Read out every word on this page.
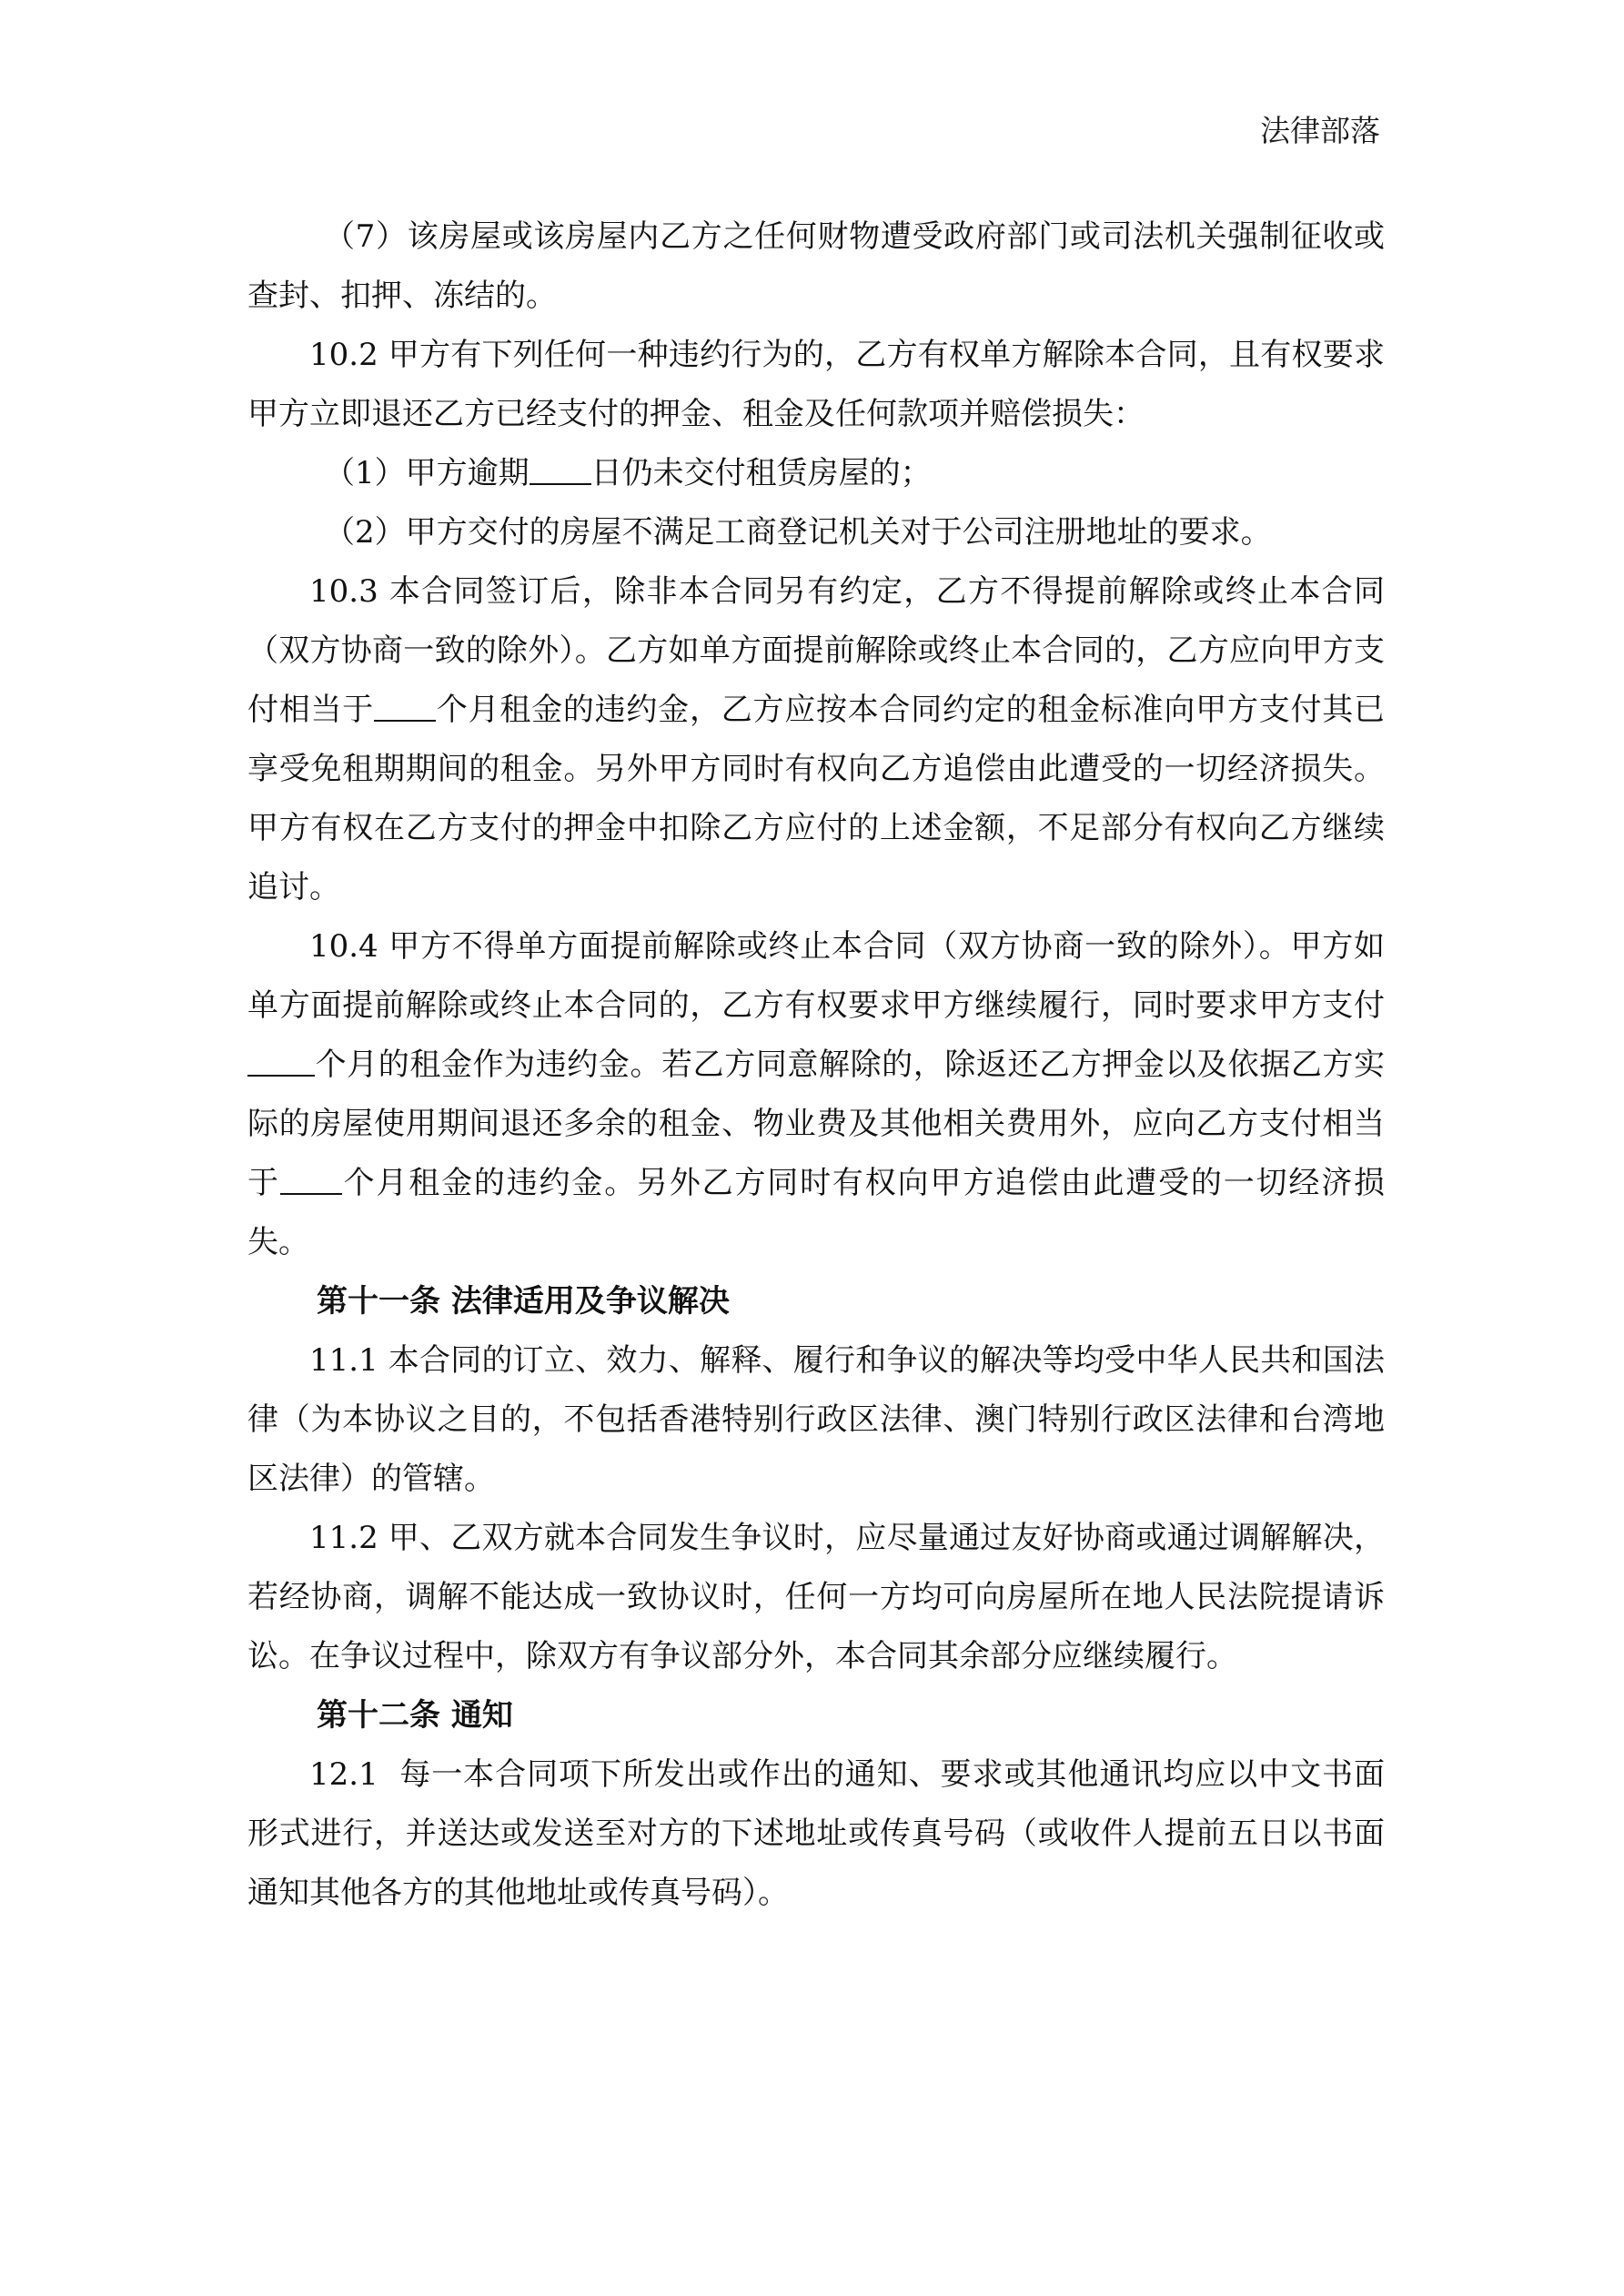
法律部落

（7）该房屋或该房屋内乙方之任何财物遭受政府部门或司法机关强制征收或查封、扣押、冻结的。

10.2 甲方有下列任何一种违约行为的，乙方有权单方解除本合同，且有权要求甲方立即退还乙方已经支付的押金、租金及任何款项并赔偿损失：

（1）甲方逾期 日仍未交付租赁房屋的；

（2）甲方交付的房屋不满足工商登记机关对于公司注册地址的要求。

10.3 本合同签订后，除非本合同另有约定，乙方不得提前解除或终止本合同（双方协商一致的除外）。乙方如单方面提前解除或终止本合同的，乙方应向甲方支付相当于 个月租金的违约金，乙方应按本合同约定的租金标准向甲方支付其已享受免租期期间的租金。另外甲方同时有权向乙方追偿由此遭受的一切经济损失。甲方有权在乙方支付的押金中扣除乙方应付的上述金额，不足部分有权向乙方继续追讨。

10.4 甲方不得单方面提前解除或终止本合同（双方协商一致的除外）。甲方如单方面提前解除或终止本合同的，乙方有权要求甲方继续履行，同时要求甲方支付个月的租金作为违约金。若乙方同意解除的，除返还乙方押金以及依据乙方实际的房屋使用期间退还多余的租金、物业费及其他相关费用外，应向乙方支付相当于 个月租金的违约金。另外乙方同时有权向甲方追偿由此遭受的一切经济损失。

第十一条 法律适用及争议解决

11.1 本合同的订立、效力、解释、履行和争议的解决等均受中华人民共和国法律（为本协议之目的，不包括香港特别行政区法律、澳门特别行政区法律和台湾地区法律）的管辖。

11.2 甲、乙双方就本合同发生争议时，应尽量通过友好协商或通过调解解决，若经协商，调解不能达成一致协议时，任何一方均可向房屋所在地人民法院提请诉讼。在争议过程中，除双方有争议部分外，本合同其余部分应继续履行。

第十二条 通知

12.1  每一本合同项下所发出或作出的通知、要求或其他通讯均应以中文书面形式进行，并送达或发送至对方的下述地址或传真号码（或收件人提前五日以书面通知其他各方的其他地址或传真号码）。
